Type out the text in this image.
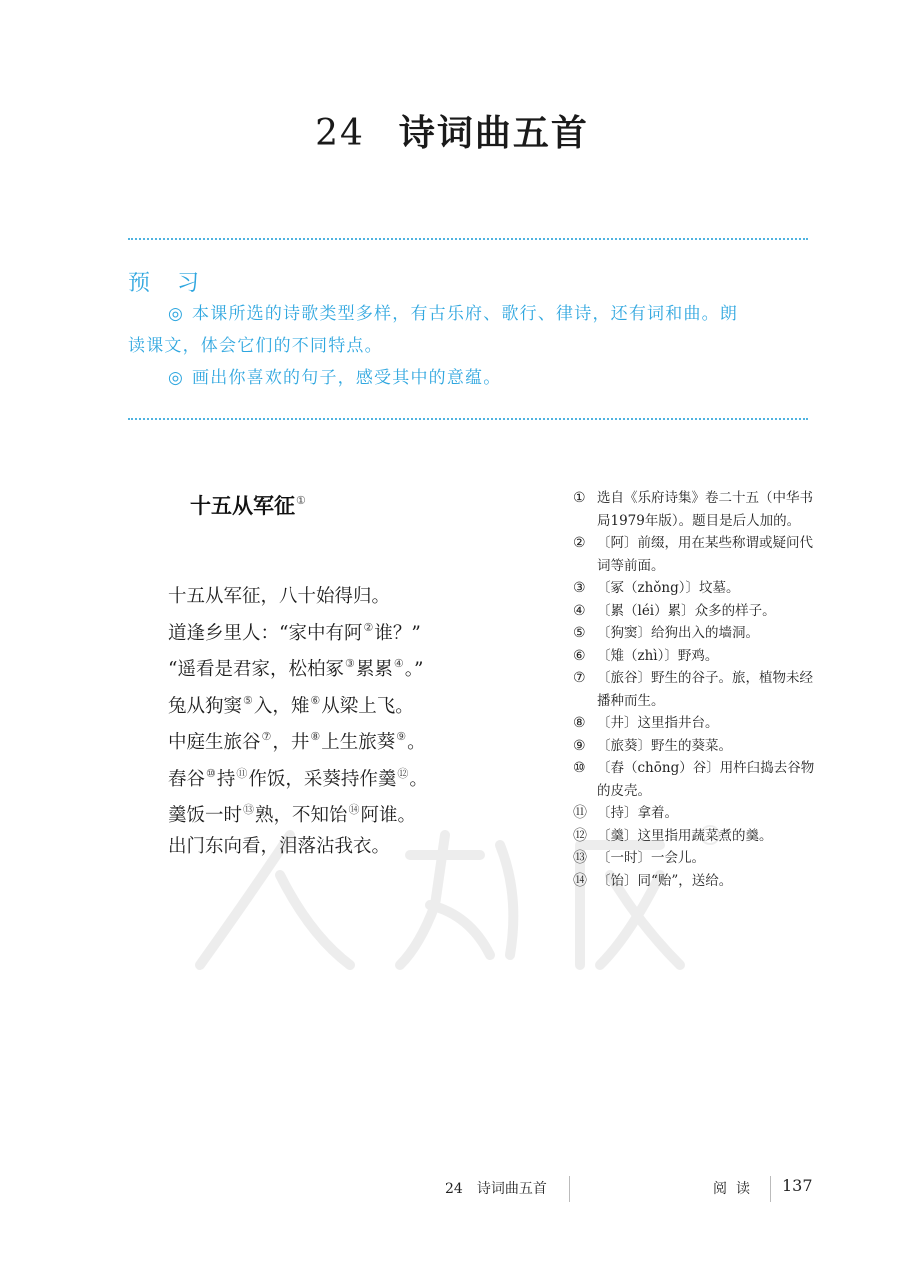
24 诗词曲五首
预 习
◎ 本课所选的诗歌类型多样，有古乐府、歌行、律诗，还有词和曲。朗
读课文，体会它们的不同特点。
◎ 画出你喜欢的句子，感受其中的意蕴。
十五从军征①
十五从军征，八十始得归。
道逢乡里人：“家中有阿②谁？”
“遥看是君家，松柏冢③累累④。”
兔从狗窦⑤入，雉⑥从梁上飞。
中庭生旅谷⑦，井⑧上生旅葵⑨。
舂谷⑩持⑪作饭，采葵持作羹⑫。
羹饭一时⑬熟，不知饴⑭阿谁。
出门东向看，泪落沾我衣。
① 选自《乐府诗集》卷二十五（中华书局1979年版）。题目是后人加的。
② 〔阿〕前缀，用在某些称谓或疑问代词等前面。
③ 〔冢（zhǒng）〕坟墓。
④ 〔累（léi）累〕众多的样子。
⑤ 〔狗窦〕给狗出入的墙洞。
⑥ 〔雉（zhì）〕野鸡。
⑦ 〔旅谷〕野生的谷子。旅，植物未经播种而生。
⑧ 〔井〕这里指井台。
⑨ 〔旅葵〕野生的葵菜。
⑩ 〔舂（chōng）谷〕用杵臼捣去谷物的皮壳。
⑪ 〔持〕拿着。
⑫ 〔羹〕这里指用蔬菜煮的羹。
⑬ 〔一时〕一会儿。
⑭ 〔饴〕同“贻”，送给。
24　诗词曲五首	阅读 137
